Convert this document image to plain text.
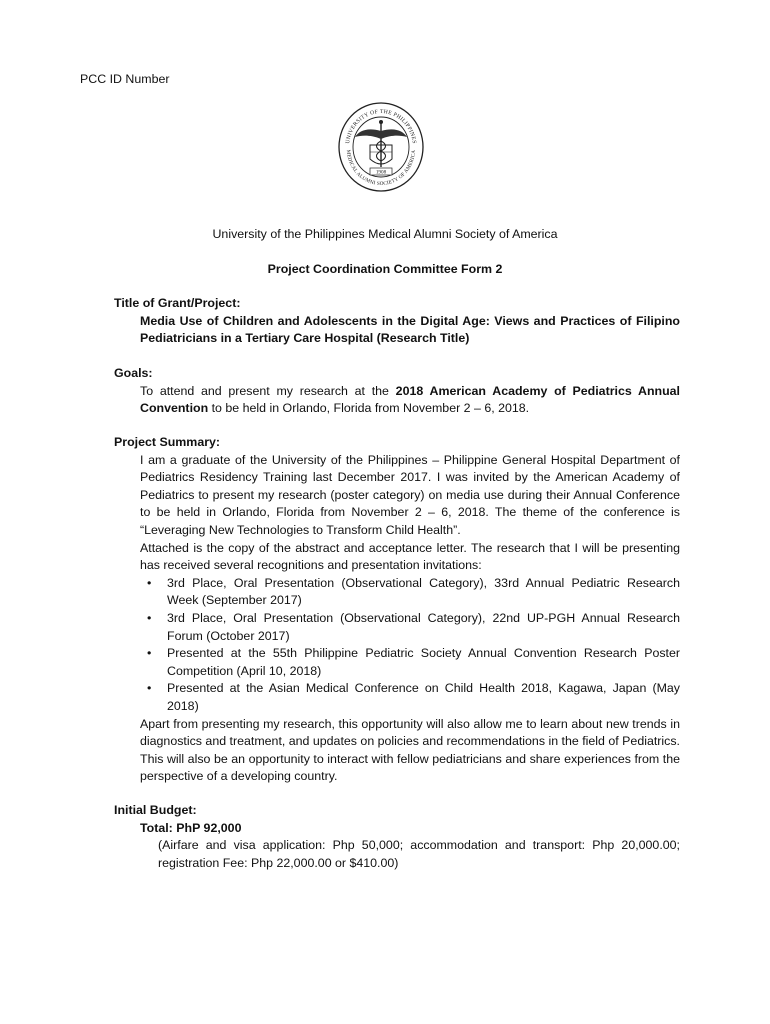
PCC ID Number
UNIVERSITY OF THE PHILIPPINES
MEDICAL ALUMNI SOCIETY OF AMERICA
1908
University of the Philippines Medical Alumni Society of America
Project Coordination Committee Form 2
Title of Grant/Project:
Media Use of Children and Adolescents in the Digital Age: Views and Practices of Filipino Pediatricians in a Tertiary Care Hospital (Research Title)
Goals:
To attend and present my research at the 2018 American Academy of Pediatrics Annual Convention to be held in Orlando, Florida from November 2 – 6, 2018.
Project Summary:
I am a graduate of the University of the Philippines – Philippine General Hospital Department of Pediatrics Residency Training last December 2017. I was invited by the American Academy of Pediatrics to present my research (poster category) on media use during their Annual Conference to be held in Orlando, Florida from November 2 – 6, 2018. The theme of the conference is “Leveraging New Technologies to Transform Child Health”.
Attached is the copy of the abstract and acceptance letter. The research that I will be presenting has received several recognitions and presentation invitations:
• 3rd Place, Oral Presentation (Observational Category), 33rd Annual Pediatric Research Week (September 2017)
• 3rd Place, Oral Presentation (Observational Category), 22nd UP-PGH Annual Research Forum (October 2017)
• Presented at the 55th Philippine Pediatric Society Annual Convention Research Poster Competition (April 10, 2018)
• Presented at the Asian Medical Conference on Child Health 2018, Kagawa, Japan (May 2018)
Apart from presenting my research, this opportunity will also allow me to learn about new trends in diagnostics and treatment, and updates on policies and recommendations in the field of Pediatrics. This will also be an opportunity to interact with fellow pediatricians and share experiences from the perspective of a developing country.
Initial Budget:
Total: PhP 92,000
(Airfare and visa application: Php 50,000; accommodation and transport: Php 20,000.00; registration Fee: Php 22,000.00 or $410.00)
